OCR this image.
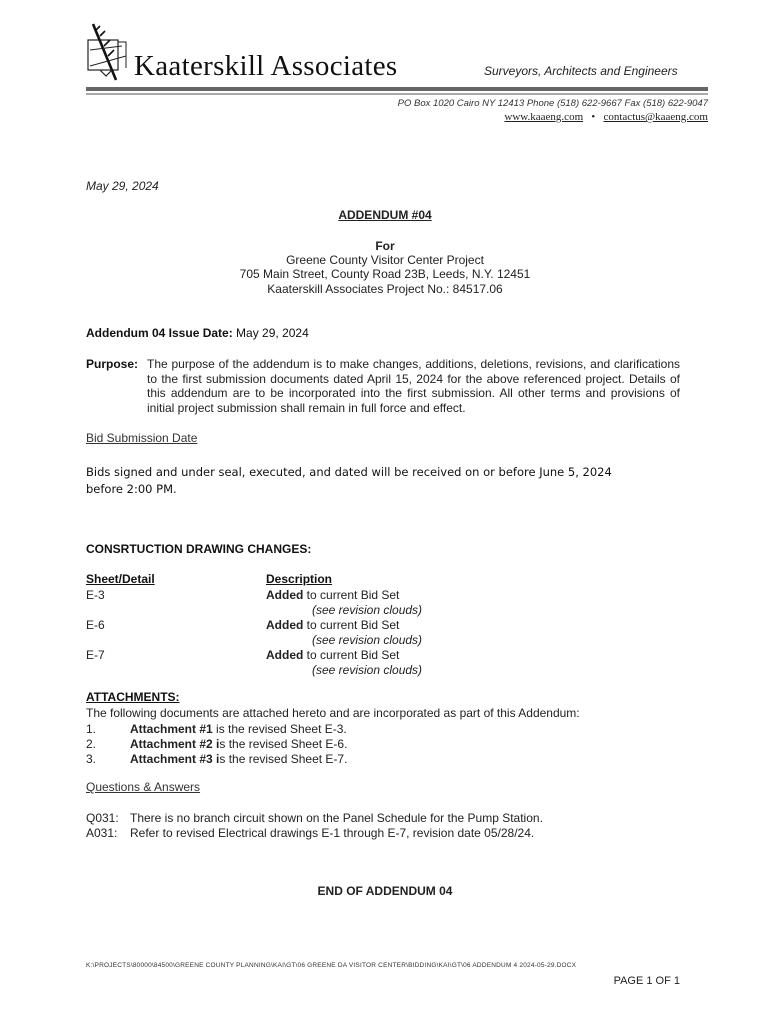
Kaaterskill Associates	Surveyors, Architects and Engineers
PO Box 1020 Cairo NY 12413 Phone (518) 622-9667 Fax (518) 622-9047
www.kaaeng.com • contactus@kaaeng.com
May 29, 2024
ADDENDUM #04
For
Greene County Visitor Center Project
705 Main Street, County Road 23B, Leeds, N.Y. 12451
Kaaterskill Associates Project No.: 84517.06
Addendum 04 Issue Date: May 29, 2024
Purpose: The purpose of the addendum is to make changes, additions, deletions, revisions, and clarifications to the first submission documents dated April 15, 2024 for the above referenced project. Details of this addendum are to be incorporated into the first submission. All other terms and provisions of initial project submission shall remain in full force and effect.
Bid Submission Date
Bids signed and under seal, executed, and dated will be received on or before June 5, 2024 before 2:00 PM.
CONSRTUCTION DRAWING CHANGES:
Sheet/Detail	Description
E-3	Added to current Bid Set
(see revision clouds)
E-6	Added to current Bid Set
(see revision clouds)
E-7	Added to current Bid Set
(see revision clouds)
ATTACHMENTS:
The following documents are attached hereto and are incorporated as part of this Addendum:
1.	Attachment #1 is the revised Sheet E-3.
2.	Attachment #2 is the revised Sheet E-6.
3.	Attachment #3 is the revised Sheet E-7.
Questions & Answers
Q031: There is no branch circuit shown on the Panel Schedule for the Pump Station.
A031: Refer to revised Electrical drawings E-1 through E-7, revision date 05/28/24.
END OF ADDENDUM 04
K:\PROJECTS\80000\84500\GREENE COUNTY PLANNING\KAI\GT\06 GREENE DA VISITOR CENTER\BIDDING\KAI\GT\06 ADDENDUM 4 2024-05-29.DOCX
PAGE 1 OF 1
